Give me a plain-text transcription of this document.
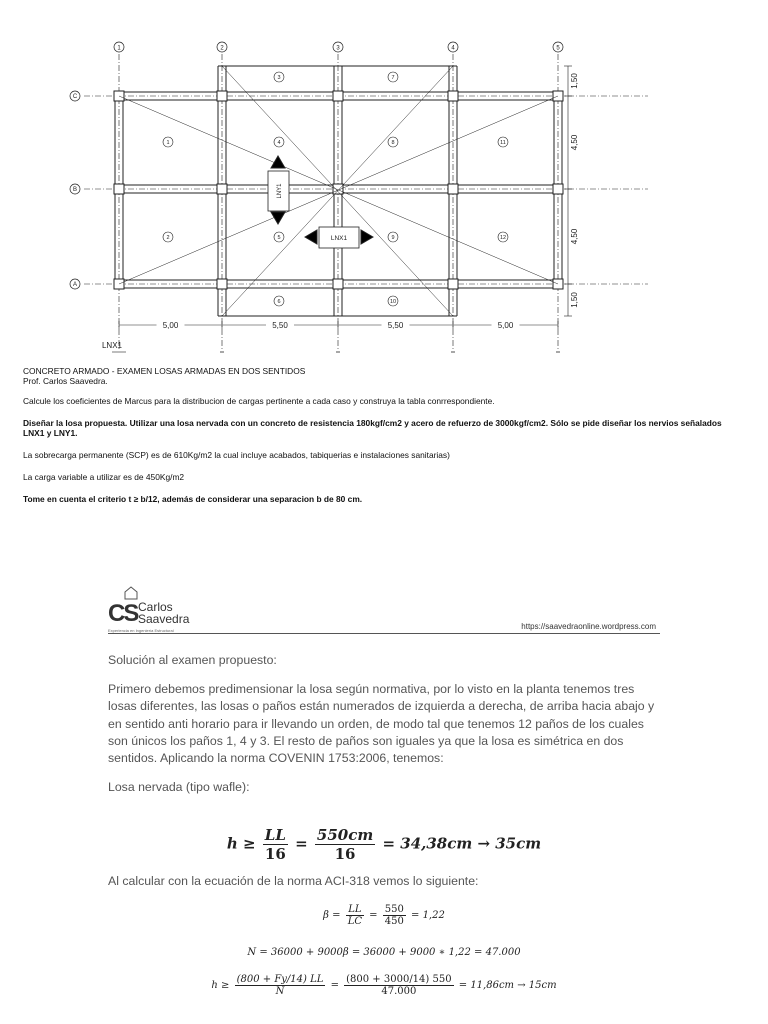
1	2	3	4	5
C
B
A
1
2
3
4
5
6
7
8
9
10
11
12
5,00	5,50	5,50	5,00
1,50
4,50
4,50
1,50
LNY1
LNX1
LNX1
CONCRETO ARMADO - EXAMEN LOSAS ARMADAS EN DOS SENTIDOS
Prof. Carlos Saavedra.

Calcule los coeficientes de Marcus para la distribucion de cargas pertinente a cada caso y construya la tabla conrrespondiente.

Diseñar la losa propuesta. Utilizar una losa nervada con un concreto de resistencia 180kgf/cm2 y acero de refuerzo de 3000kgf/cm2. Sólo se pide diseñar los nervios señalados LNX1 y LNY1.

La sobrecarga permanente (SCP) es de 610Kg/m2 la cual incluye acabados, tabiquerias e instalaciones sanitarias)

La carga variable a utilizar es de 450Kg/m2

Tome en cuenta el criterio t ≥ b/12, además de considerar una separacion b de 80 cm.

CS Carlos
Saavedra
Experiencia en Ingeniería Estructural	https://saavedraonline.wordpress.com

Solución al examen propuesto:

Primero debemos predimensionar la losa según normativa, por lo visto en la planta tenemos tres losas diferentes, las losas o paños están numerados de izquierda a derecha, de arriba hacia abajo y en sentido anti horario para ir llevando un orden, de modo tal que tenemos 12 paños de los cuales son únicos los paños 1, 4 y 3. El resto de paños son iguales ya que la losa es simétrica en dos sentidos. Aplicando la norma COVENIN 1753:2006, tenemos:

Losa nervada (tipo wafle):

Al calcular con la ecuación de la norma ACI-318 vemos lo siguiente:
$h \ge \frac{LL}{16} = \frac{550cm}{16} = 34,38cm \to 35cm$
$\beta = \frac{LL}{LC} = \frac{550}{450} = 1,22$
N = 36000 + 9000β = 36000 + 9000 ∗ 1,22 = 47.000
$h \ge \frac{(800 + Fy/14) LL}{N} = \frac{(800 + 3000/14) 550}{47.000} = 11,86cm \to 15cm$
